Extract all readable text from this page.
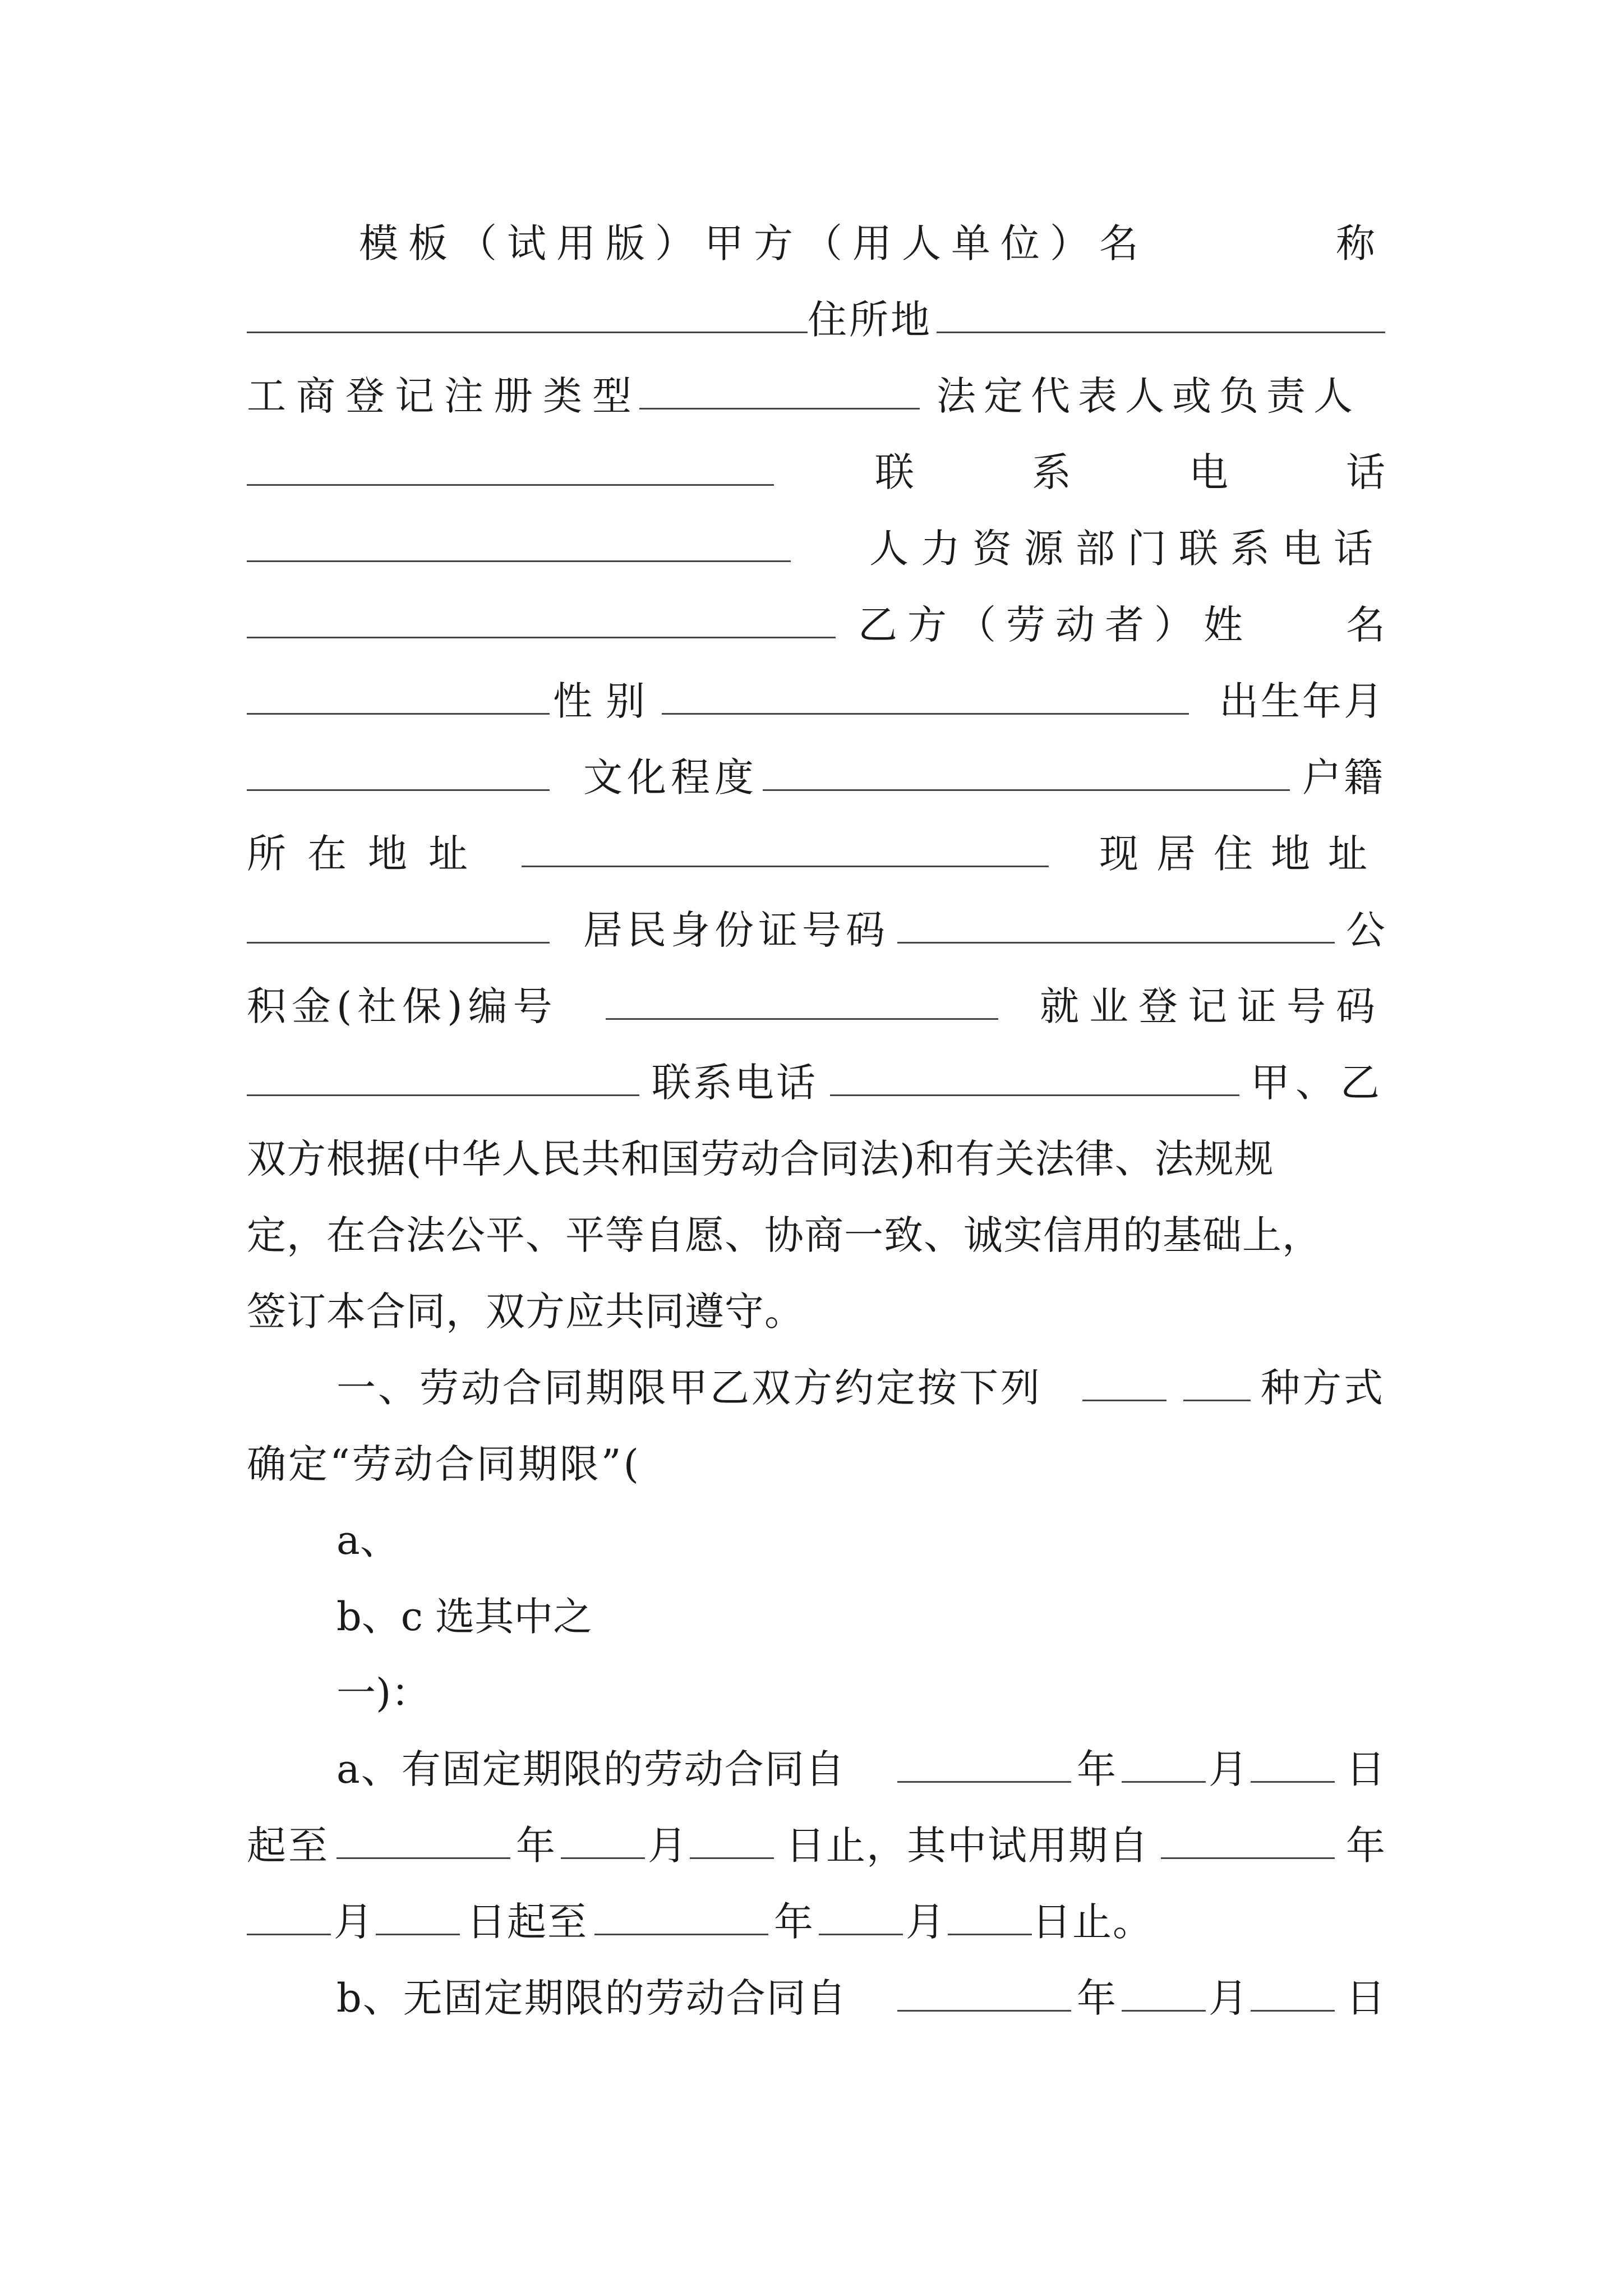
模板（试用版）甲方（用人单位）名	称
住所地
工商登记注册类型	法定代表人或负责人
联　　　系　　　电　　　话
人力资源部门联系电话
乙方（劳动者）姓	名
性别	出生年月
文化程度	户籍
所在地址	现居住地址
居民身份证号码	公
积金(社保)编号	就业登记证号码
联系电话	甲、乙
双方根据(中华人民共和国劳动合同法)和有关法律、法规规
定，在合法公平、平等自愿、协商一致、诚实信用的基础上，
签订本合同，双方应共同遵守。
一、劳动合同期限甲乙双方约定按下列	种方式
确定“劳动合同期限”(
a、
b、c 选其中之
一)：
a、有固定期限的劳动合同自	年 月	日
起至	年 月	日止，其中试用期自	年
月 日起至	年 月 日止。
b、无固定期限的劳动合同自	年 月	日
